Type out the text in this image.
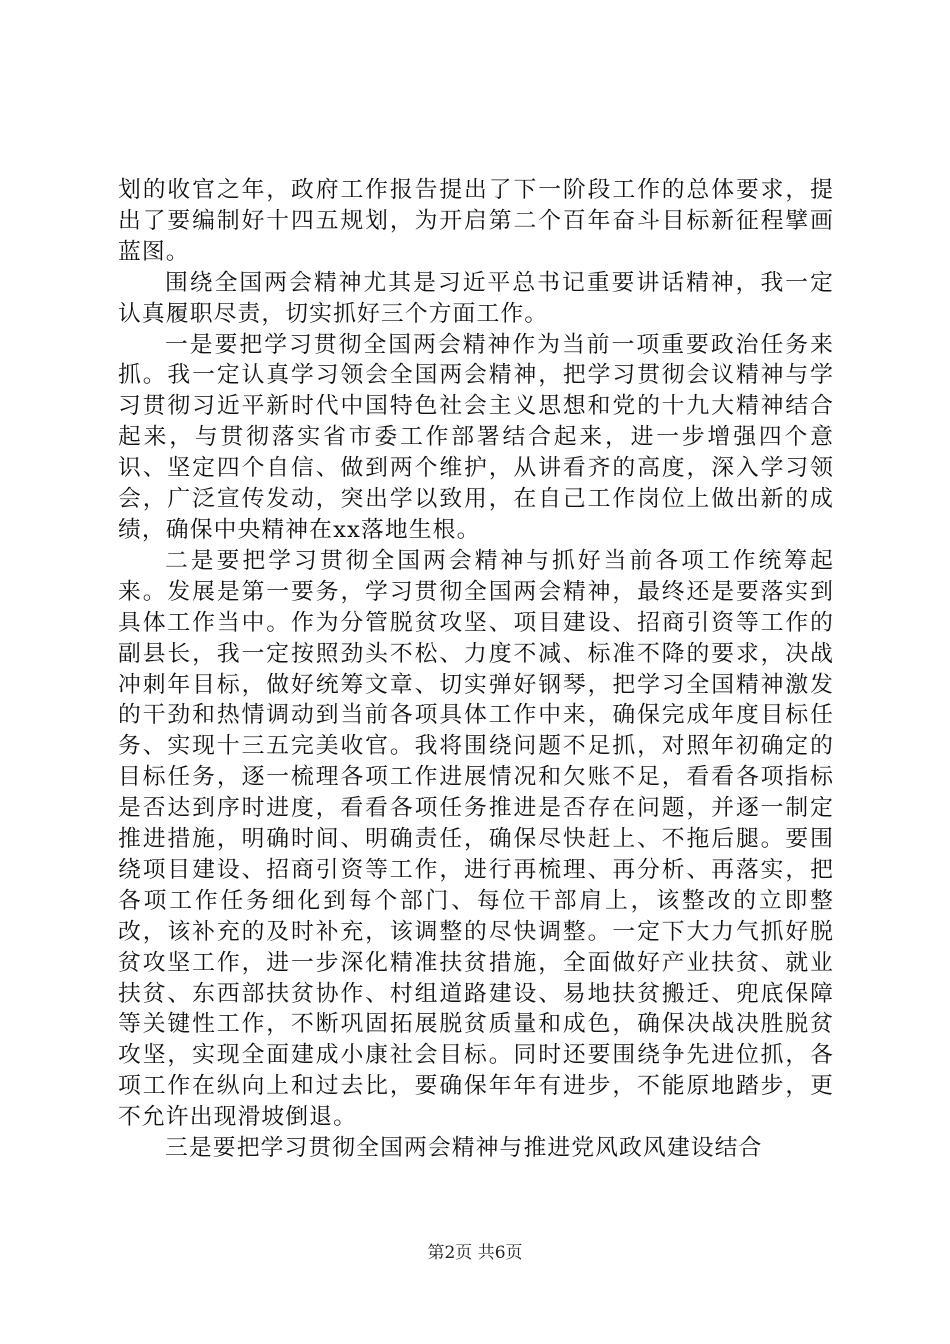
划的收官之年，政府工作报告提出了下一阶段工作的总体要求，提出了要编制好十四五规划，为开启第二个百年奋斗目标新征程擘画蓝图。

围绕全国两会精神尤其是习近平总书记重要讲话精神，我一定认真履职尽责，切实抓好三个方面工作。

一是要把学习贯彻全国两会精神作为当前一项重要政治任务来抓。我一定认真学习领会全国两会精神，把学习贯彻会议精神与学习贯彻习近平新时代中国特色社会主义思想和党的十九大精神结合起来，与贯彻落实省市委工作部署结合起来，进一步增强四个意识、坚定四个自信、做到两个维护，从讲看齐的高度，深入学习领会，广泛宣传发动，突出学以致用，在自己工作岗位上做出新的成绩，确保中央精神在xx落地生根。

二是要把学习贯彻全国两会精神与抓好当前各项工作统筹起来。发展是第一要务，学习贯彻全国两会精神，最终还是要落实到具体工作当中。作为分管脱贫攻坚、项目建设、招商引资等工作的副县长，我一定按照劲头不松、力度不减、标准不降的要求，决战冲刺年目标，做好统筹文章、切实弹好钢琴，把学习全国精神激发的干劲和热情调动到当前各项具体工作中来，确保完成年度目标任务、实现十三五完美收官。我将围绕问题不足抓，对照年初确定的目标任务，逐一梳理各项工作进展情况和欠账不足，看看各项指标是否达到序时进度，看看各项任务推进是否存在问题，并逐一制定推进措施，明确时间、明确责任，确保尽快赶上、不拖后腿。要围绕项目建设、招商引资等工作，进行再梳理、再分析、再落实，把各项工作任务细化到每个部门、每位干部肩上，该整改的立即整改，该补充的及时补充，该调整的尽快调整。一定下大力气抓好脱贫攻坚工作，进一步深化精准扶贫措施，全面做好产业扶贫、就业扶贫、东西部扶贫协作、村组道路建设、易地扶贫搬迁、兜底保障等关键性工作，不断巩固拓展脱贫质量和成色，确保决战决胜脱贫攻坚，实现全面建成小康社会目标。同时还要围绕争先进位抓，各项工作在纵向上和过去比，要确保年年有进步，不能原地踏步，更不允许出现滑坡倒退。

三是要把学习贯彻全国两会精神与推进党风政风建设结合

第2页 共6页
